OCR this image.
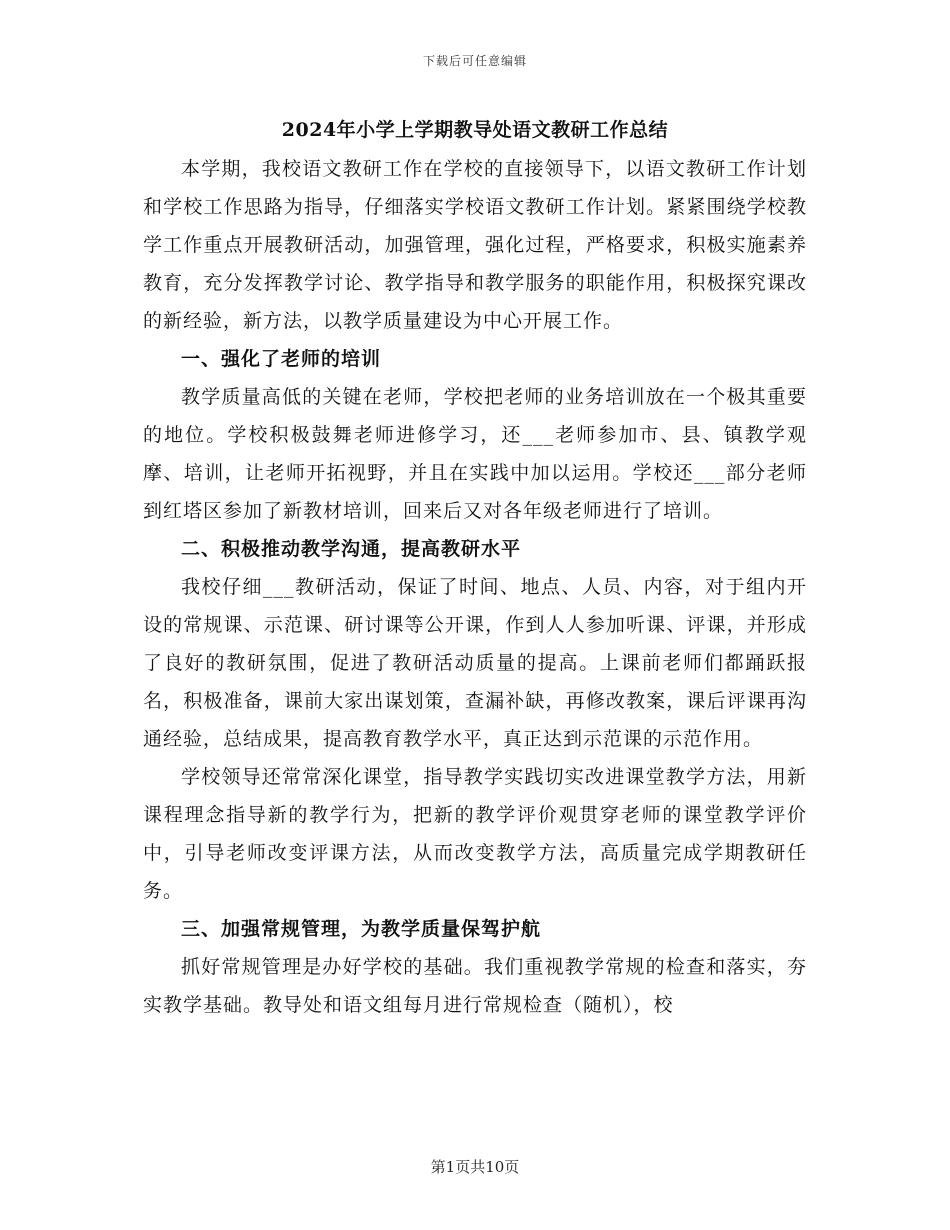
下载后可任意编辑
2024年小学上学期教导处语文教研工作总结

本学期，我校语文教研工作在学校的直接领导下，以语文教研工作计划和学校工作思路为指导，仔细落实学校语文教研工作计划。紧紧围绕学校教学工作重点开展教研活动，加强管理，强化过程，严格要求，积极实施素养教育，充分发挥教学讨论、教学指导和教学服务的职能作用，积极探究课改的新经验，新方法，以教学质量建设为中心开展工作。

一、强化了老师的培训

教学质量高低的关键在老师，学校把老师的业务培训放在一个极其重要的地位。学校积极鼓舞老师进修学习，还___老师参加市、县、镇教学观摩、培训，让老师开拓视野，并且在实践中加以运用。学校还___部分老师到红塔区参加了新教材培训，回来后又对各年级老师进行了培训。

二、积极推动教学沟通，提高教研水平

我校仔细___教研活动，保证了时间、地点、人员、内容，对于组内开设的常规课、示范课、研讨课等公开课，作到人人参加听课、评课，并形成了良好的教研氛围，促进了教研活动质量的提高。上课前老师们都踊跃报名，积极准备，课前大家出谋划策，查漏补缺，再修改教案，课后评课再沟通经验，总结成果，提高教育教学水平，真正达到示范课的示范作用。

学校领导还常常深化课堂，指导教学实践切实改进课堂教学方法，用新课程理念指导新的教学行为，把新的教学评价观贯穿老师的课堂教学评价中，引导老师改变评课方法，从而改变教学方法，高质量完成学期教研任务。

三、加强常规管理，为教学质量保驾护航

抓好常规管理是办好学校的基础。我们重视教学常规的检查和落实，夯实教学基础。教导处和语文组每月进行常规检查（随机），校

第1页共10页
